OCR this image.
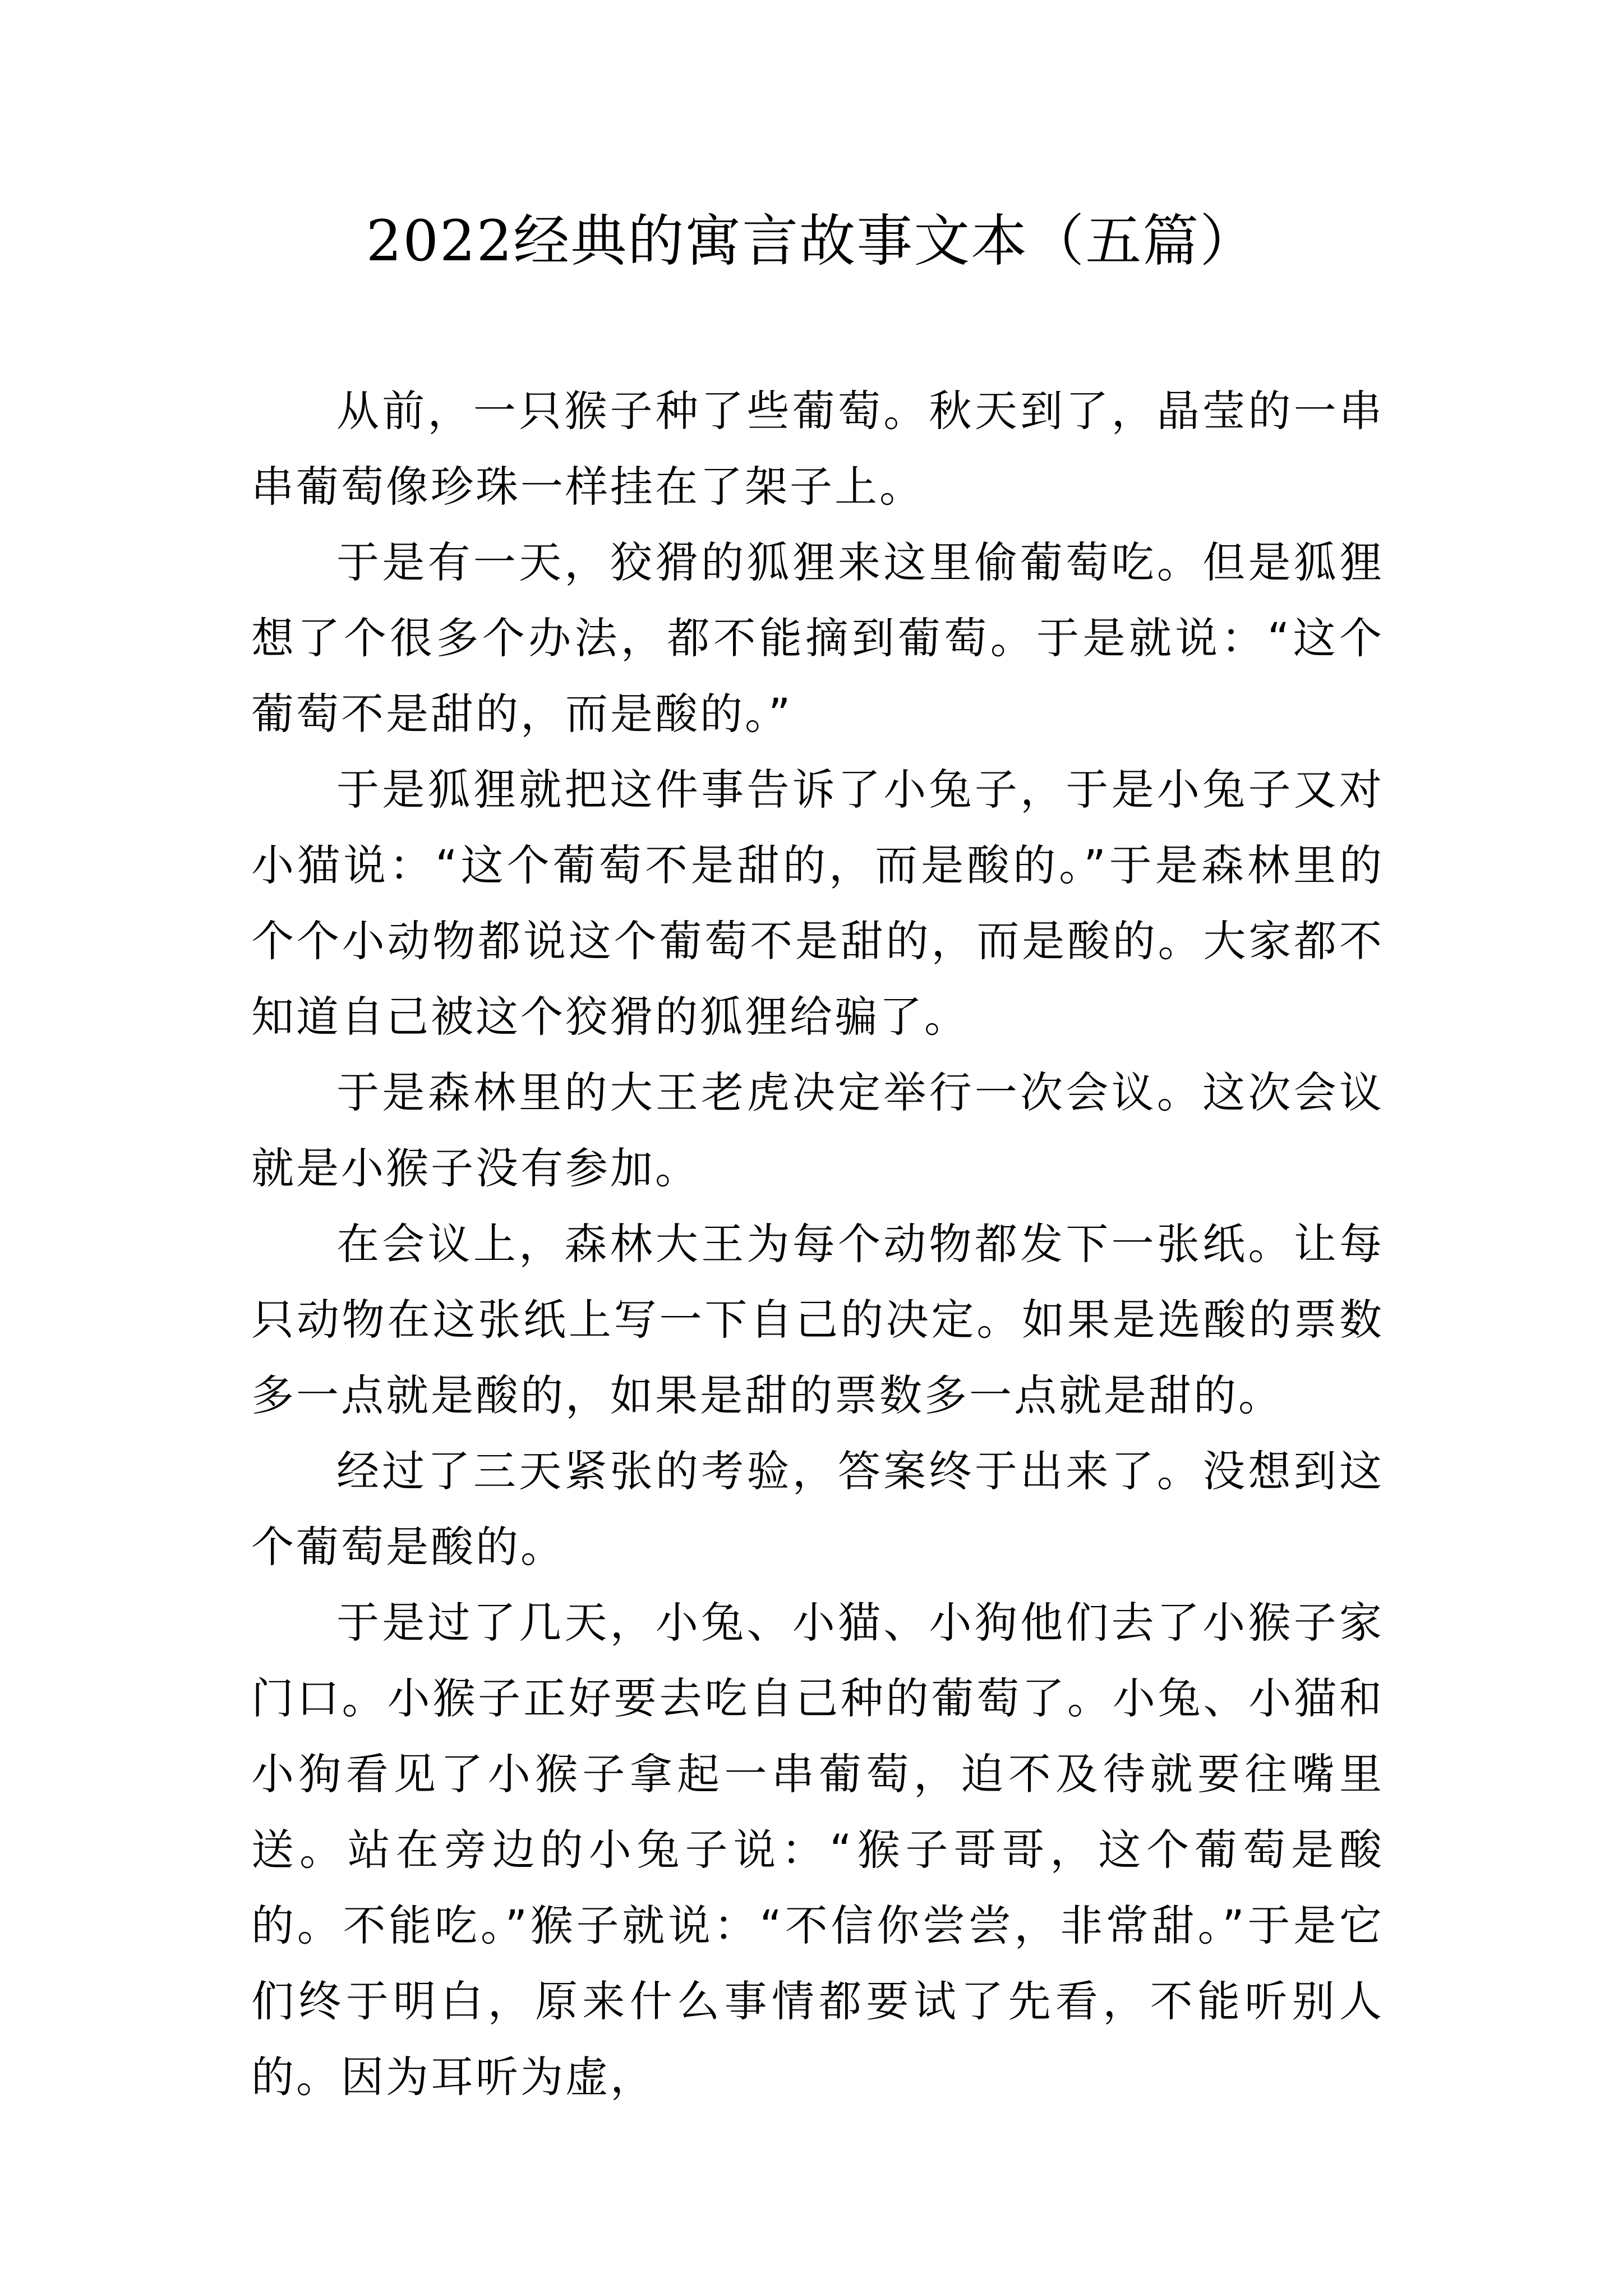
2022经典的寓言故事文本（五篇）

从前，一只猴子种了些葡萄。秋天到了，晶莹的一串串葡萄像珍珠一样挂在了架子上。

于是有一天，狡猾的狐狸来这里偷葡萄吃。但是狐狸想了个很多个办法，都不能摘到葡萄。于是就说：“这个葡萄不是甜的，而是酸的。”

于是狐狸就把这件事告诉了小兔子，于是小兔子又对小猫说：“这个葡萄不是甜的，而是酸的。”于是森林里的个个小动物都说这个葡萄不是甜的，而是酸的。大家都不知道自己被这个狡猾的狐狸给骗了。

于是森林里的大王老虎决定举行一次会议。这次会议就是小猴子没有参加。

在会议上，森林大王为每个动物都发下一张纸。让每只动物在这张纸上写一下自己的决定。如果是选酸的票数多一点就是酸的，如果是甜的票数多一点就是甜的。

经过了三天紧张的考验，答案终于出来了。没想到这个葡萄是酸的。

于是过了几天，小兔、小猫、小狗他们去了小猴子家门口。小猴子正好要去吃自己种的葡萄了。小兔、小猫和小狗看见了小猴子拿起一串葡萄，迫不及待就要往嘴里送。站在旁边的小兔子说：“猴子哥哥，这个葡萄是酸的。不能吃。”猴子就说：“不信你尝尝，非常甜。”于是它们终于明白，原来什么事情都要试了先看，不能听别人的。因为耳听为虚，
